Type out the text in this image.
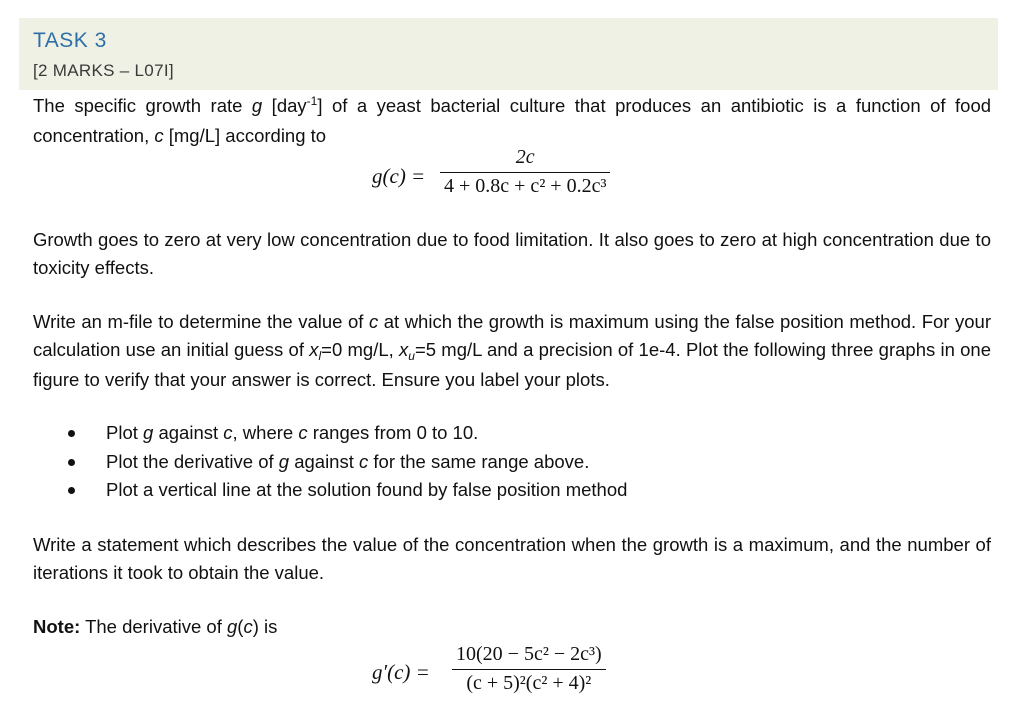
TASK 3
[2 MARKS – L07I]
The specific growth rate g [day$^{-1}$] of a yeast bacterial culture that produces an antibiotic is a function of food concentration, c [mg/L] according to
g(c) =
2c
4 + 0.8c + c² + 0.2c³
Growth goes to zero at very low concentration due to food limitation. It also goes to zero at high concentration due to toxicity effects.
Write an m-file to determine the value of c at which the growth is maximum using the false position method. For your calculation use an initial guess of $x_l=0$ mg/L, $x_u=5$ mg/L and a precision of 1e-4. Plot the following three graphs in one figure to verify that your answer is correct. Ensure you label your plots.
Plot g against c, where c ranges from 0 to 10.
Plot the derivative of g against c for the same range above.
Plot a vertical line at the solution found by false position method
Write a statement which describes the value of the concentration when the growth is a maximum, and the number of iterations it took to obtain the value.
Note: The derivative of g(c) is
g′(c) =
10(20 − 5c² − 2c³)
(c + 5)²(c² + 4)²
